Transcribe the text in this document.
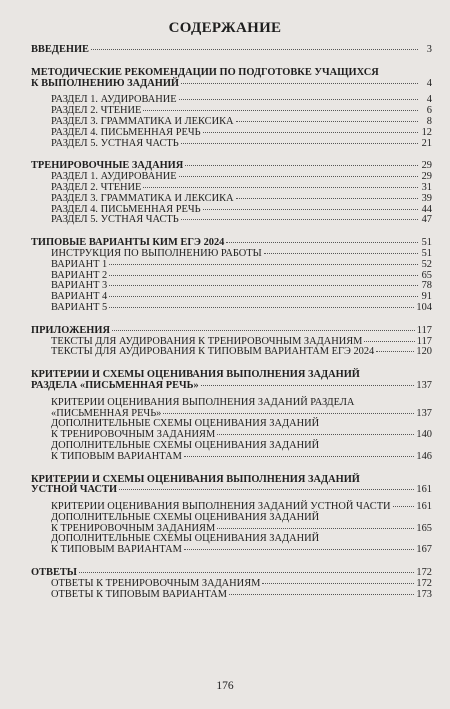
СОДЕРЖАНИЕ
ВВЕДЕНИЕ	3
МЕТОДИЧЕСКИЕ РЕКОМЕНДАЦИИ ПО ПОДГОТОВКЕ УЧАЩИХСЯ
К ВЫПОЛНЕНИЮ ЗАДАНИЙ	4
РАЗДЕЛ 1. АУДИРОВАНИЕ	4
РАЗДЕЛ 2. ЧТЕНИЕ	6
РАЗДЕЛ 3. ГРАММАТИКА И ЛЕКСИКА	8
РАЗДЕЛ 4. ПИСЬМЕННАЯ РЕЧЬ	12
РАЗДЕЛ 5. УСТНАЯ ЧАСТЬ	21
ТРЕНИРОВОЧНЫЕ ЗАДАНИЯ	29
РАЗДЕЛ 1. АУДИРОВАНИЕ	29
РАЗДЕЛ 2. ЧТЕНИЕ	31
РАЗДЕЛ 3. ГРАММАТИКА И ЛЕКСИКА	39
РАЗДЕЛ 4. ПИСЬМЕННАЯ РЕЧЬ	44
РАЗДЕЛ 5. УСТНАЯ ЧАСТЬ	47
ТИПОВЫЕ ВАРИАНТЫ КИМ ЕГЭ 2024	51
ИНСТРУКЦИЯ ПО ВЫПОЛНЕНИЮ РАБОТЫ	51
ВАРИАНТ 1	52
ВАРИАНТ 2	65
ВАРИАНТ 3	78
ВАРИАНТ 4	91
ВАРИАНТ 5	104
ПРИЛОЖЕНИЯ	117
ТЕКСТЫ ДЛЯ АУДИРОВАНИЯ К ТРЕНИРОВОЧНЫМ ЗАДАНИЯМ	117
ТЕКСТЫ ДЛЯ АУДИРОВАНИЯ К ТИПОВЫМ ВАРИАНТАМ ЕГЭ 2024	120
КРИТЕРИИ И СХЕМЫ ОЦЕНИВАНИЯ ВЫПОЛНЕНИЯ ЗАДАНИЙ
РАЗДЕЛА «ПИСЬМЕННАЯ РЕЧЬ»	137
КРИТЕРИИ ОЦЕНИВАНИЯ ВЫПОЛНЕНИЯ ЗАДАНИЙ РАЗДЕЛА
«ПИСЬМЕННАЯ РЕЧЬ»	137
ДОПОЛНИТЕЛЬНЫЕ СХЕМЫ ОЦЕНИВАНИЯ ЗАДАНИЙ
К ТРЕНИРОВОЧНЫМ ЗАДАНИЯМ	140
ДОПОЛНИТЕЛЬНЫЕ СХЕМЫ ОЦЕНИВАНИЯ ЗАДАНИЙ
К ТИПОВЫМ ВАРИАНТАМ	146
КРИТЕРИИ И СХЕМЫ ОЦЕНИВАНИЯ ВЫПОЛНЕНИЯ ЗАДАНИЙ
УСТНОЙ ЧАСТИ	161
КРИТЕРИИ ОЦЕНИВАНИЯ ВЫПОЛНЕНИЯ ЗАДАНИЙ УСТНОЙ ЧАСТИ 161
ДОПОЛНИТЕЛЬНЫЕ СХЕМЫ ОЦЕНИВАНИЯ ЗАДАНИЙ
К ТРЕНИРОВОЧНЫМ ЗАДАНИЯМ	165
ДОПОЛНИТЕЛЬНЫЕ СХЕМЫ ОЦЕНИВАНИЯ ЗАДАНИЙ
К ТИПОВЫМ ВАРИАНТАМ	167
ОТВЕТЫ	172
ОТВЕТЫ К ТРЕНИРОВОЧНЫМ ЗАДАНИЯМ	172
ОТВЕТЫ К ТИПОВЫМ ВАРИАНТАМ	173
176
